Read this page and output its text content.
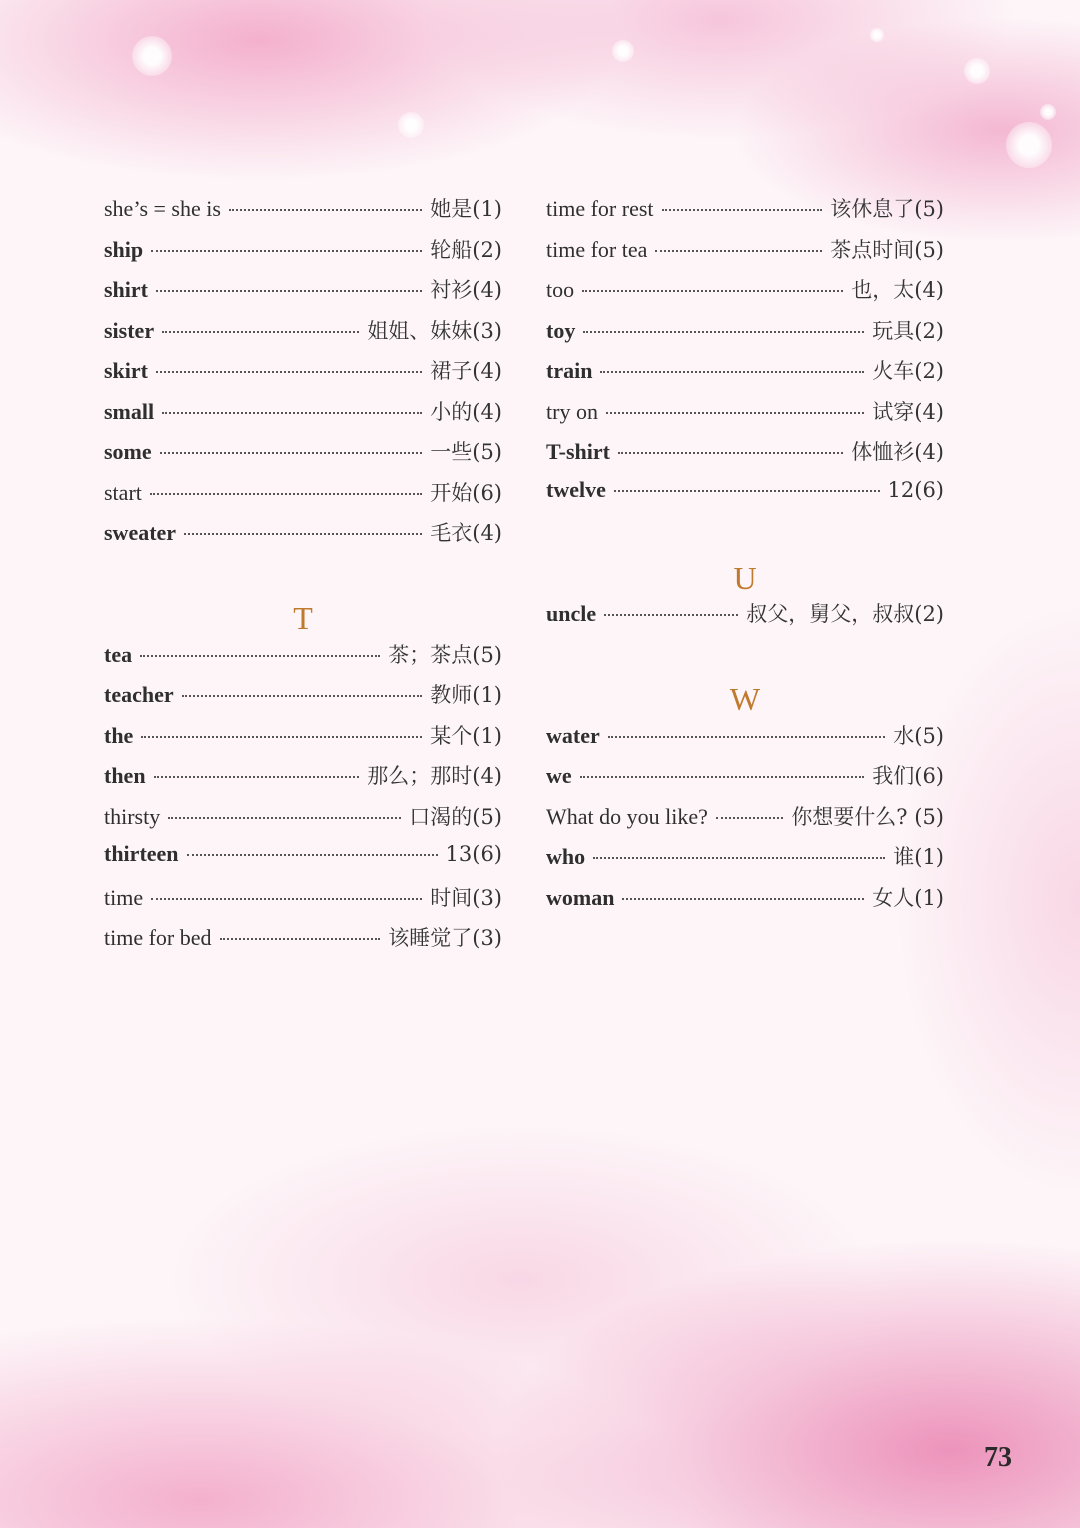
she’s = she is	她是(1)
ship	轮船(2)
shirt	衬衫(4)
sister	姐姐、妹妹(3)
skirt	裙子(4)
small	小的(4)
some	一些(5)
start	开始(6)
sweater	毛衣(4)
T
tea	茶；茶点(5)
teacher	教师(1)
the	某个(1)
then	那么；那时(4)
thirsty	口渴的(5)
thirteen	13(6)
time	时间(3)
time for bed	该睡觉了(3)
time for rest	该休息了(5)
time for tea	茶点时间(5)
too	也，太(4)
toy	玩具(2)
train	火车(2)
try on	试穿(4)
T-shirt	体恤衫(4)
twelve	12(6)
U
uncle	叔父，舅父，叔叔(2)
W
water	水(5)
we	我们(6)
What do you like?	你想要什么? (5)
who	谁(1)
woman	女人(1)
73
